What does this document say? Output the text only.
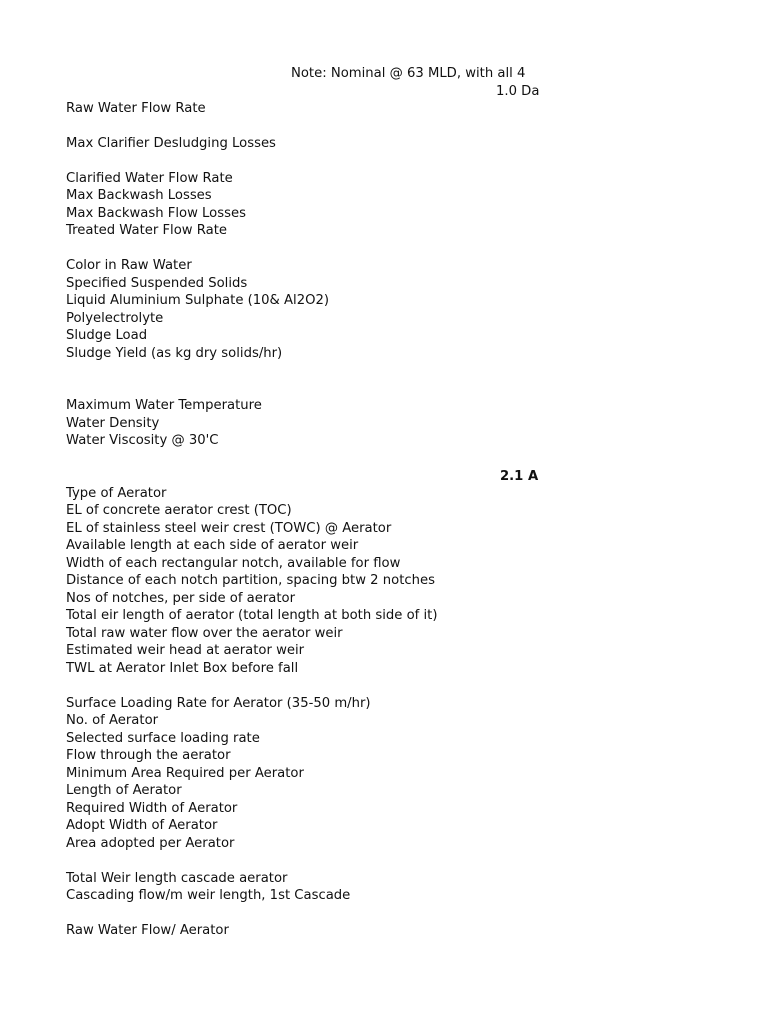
Note: Nominal @ 63 MLD, with all 4
1.0 Da
Raw Water Flow Rate
Max Clarifier Desludging Losses
Clarified Water Flow Rate
Max Backwash Losses
Max Backwash Flow Losses
Treated Water Flow Rate
Color in Raw Water
Specified Suspended Solids
Liquid Aluminium Sulphate (10& Al2O2)
Polyelectrolyte
Sludge Load
Sludge Yield (as kg dry solids/hr)
Maximum Water Temperature
Water Density
Water Viscosity @ 30'C
2.1 A
Type of Aerator
EL of concrete aerator crest (TOC)
EL of stainless steel weir crest (TOWC) @ Aerator
Available length at each side of aerator weir
Width of each rectangular notch, available for flow
Distance of each notch partition, spacing btw 2 notches
Nos of notches, per side of aerator
Total eir length of aerator (total length at both side of it)
Total raw water flow over the aerator weir
Estimated weir head at aerator weir
TWL at Aerator Inlet Box before fall
Surface Loading Rate for Aerator (35-50 m/hr)
No. of Aerator
Selected surface loading rate
Flow through the aerator
Minimum Area Required per Aerator
Length of Aerator
Required Width of Aerator
Adopt Width of Aerator
Area adopted per Aerator
Total Weir length cascade aerator
Cascading flow/m weir length, 1st Cascade
Raw Water Flow/ Aerator
